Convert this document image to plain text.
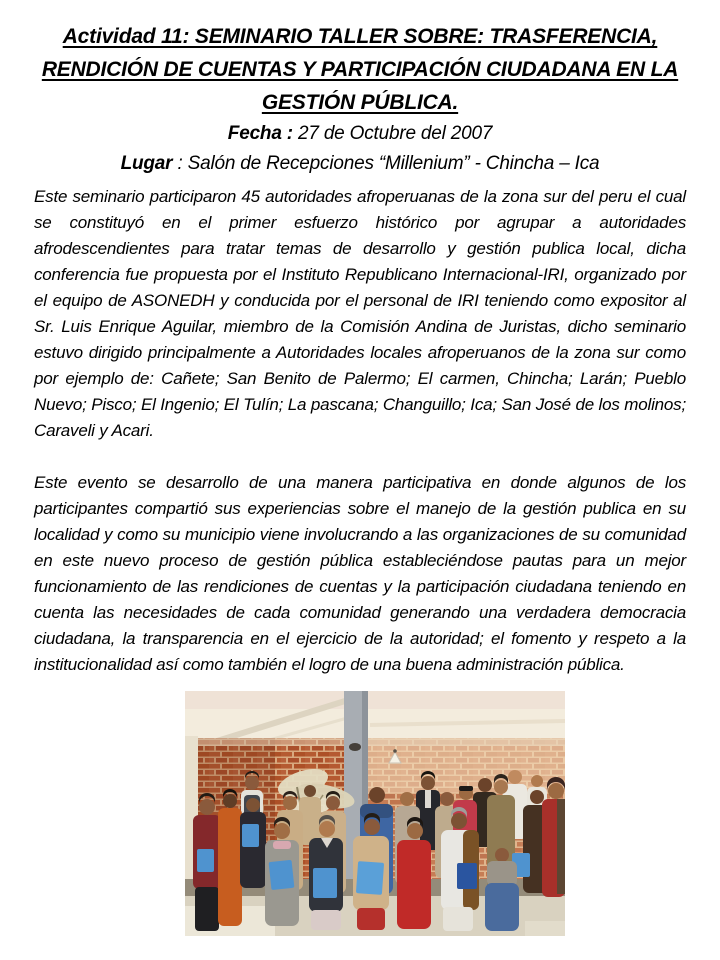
Actividad 11: SEMINARIO TALLER SOBRE: TRASFERENCIA,
RENDICIÓN DE CUENTAS Y PARTICIPACIÓN CIUDADANA EN LA
GESTIÓN PÚBLICA.
Fecha : 27 de Octubre del 2007
Lugar : Salón de Recepciones “Millenium” - Chincha – Ica

Este seminario participaron 45 autoridades afroperuanas de la zona sur del peru el cual se constituyó en el primer esfuerzo histórico por agrupar a autoridades afrodescendientes para tratar temas de desarrollo y gestión publica local, dicha conferencia fue propuesta por el Instituto Republicano Internacional-IRI, organizado por el equipo de ASONEDH y conducida por el personal de IRI teniendo como expositor al Sr. Luis Enrique Aguilar, miembro de la Comisión Andina de Juristas, dicho seminario estuvo dirigido principalmente a Autoridades locales afroperuanos de la zona sur como por ejemplo de: Cañete; San Benito de Palermo; El carmen, Chincha; Larán; Pueblo Nuevo; Pisco; El Ingenio; El Tulín; La pascana; Changuillo; Ica; San José de los molinos; Caraveli y Acari.

Este evento se desarrollo de una manera participativa en donde algunos de los participantes compartió sus experiencias sobre el manejo de la gestión publica en su localidad y como su municipio viene involucrando a las organizaciones de su comunidad en este nuevo proceso de gestión pública estableciéndose pautas para un mejor funcionamiento de las rendiciones de cuentas y la participación ciudadana teniendo en cuenta las necesidades de cada comunidad generando una verdadera democracia ciudadana, la transparencia en el ejercicio de la autoridad; el fomento y respeto a la institucionalidad así como también el logro de una buena administración pública.
